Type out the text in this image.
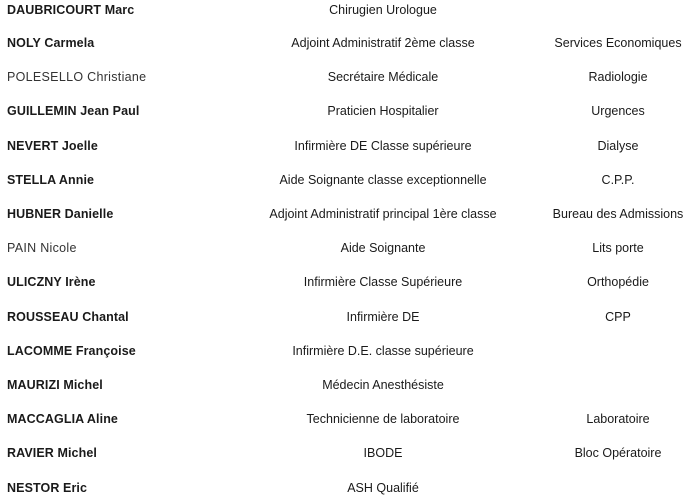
DAUBRICOURT Marc	Chirugien Urologue
NOLY Carmela	Adjoint Administratif 2ème classe	Services Economiques
POLESELLO Christiane	Secrétaire Médicale	Radiologie
GUILLEMIN Jean Paul	Praticien Hospitalier	Urgences
NEVERT Joelle	Infirmière DE Classe supérieure	Dialyse
STELLA Annie	Aide Soignante classe exceptionnelle	C.P.P.
HUBNER Danielle	Adjoint Administratif principal 1ère classe	Bureau des Admissions
PAIN Nicole	Aide Soignante	Lits porte
ULICZNY Irène	Infirmière Classe Supérieure	Orthopédie
ROUSSEAU Chantal	Infirmière DE	CPP
LACOMME Françoise	Infirmière D.E. classe supérieure
MAURIZI Michel	Médecin Anesthésiste
MACCAGLIA Aline	Technicienne de laboratoire	Laboratoire
RAVIER Michel	IBODE	Bloc Opératoire
NESTOR Eric	ASH Qualifié
